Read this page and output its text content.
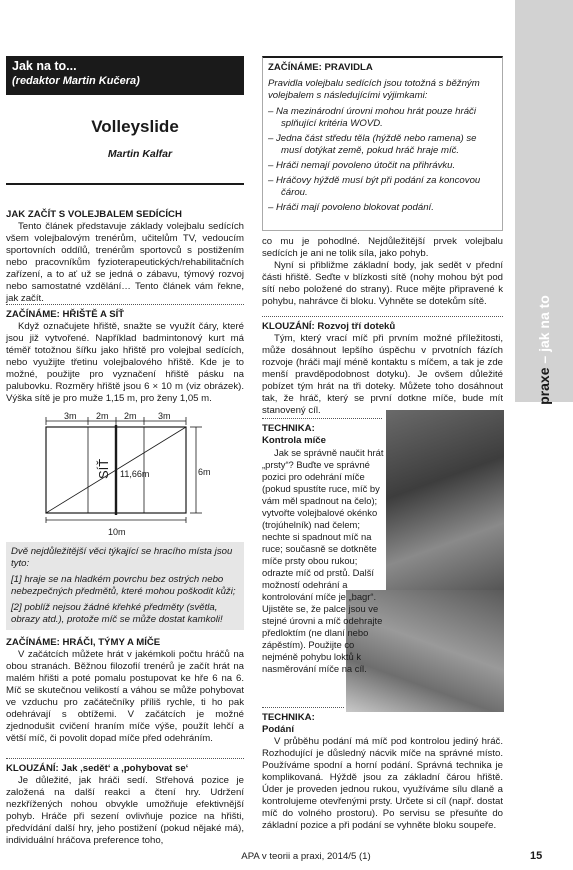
praxe – jak na to
Jak na to...
(redaktor Martin Kučera)
Volleyslide
Martin Kalfar
JAK ZAČÍT S VOLEJBALEM SEDÍCÍCH

Tento článek představuje základy volejbalu sedících všem volejbalovým trenérům, učitelům TV, vedoucím sportovních oddílů, trenérům sportovců s postižením nebo pracovníkům fyzioterapeutických/rehabilitačních zařízení, a to ať už se jedná o zábavu, týmový rozvoj nebo samostatné vzdělání… Tento článek vám řekne, jak začít.

ZAČÍNÁME: HŘIŠTĚ A SÍŤ

Když označujete hřiště, snažte se využít čáry, které jsou již vytvořené. Například badmintonový kurt má téměř totožnou šířku jako hřiště pro volejbal sedících, nebo využijte třetinu volejbalového hřiště. Kde je to možné, použijte pro vyznačení hřiště pásku na palubovku. Rozměry hřiště jsou 6 × 10 m (viz obrázek). Výška sítě je pro muže 1,15 m, pro ženy 1,05 m.

3m 2m 2m 3m
SÍŤ 11,66m	6m
10m

Dvě nejdůležitější věci týkající se hracího místa jsou tyto:

[1] hraje se na hladkém povrchu bez ostrých nebo nebezpečných předmětů, které mohou poškodit kůži;

[2] poblíž nejsou žádné křehké předměty (světla, obrazy atd.), protože míč se může dostat kamkoli!

ZAČÍNÁME: HRÁČI, TÝMY A MÍČE

V začátcích můžete hrát v jakémkoli počtu hráčů na obou stranách. Běžnou filozofií trenérů je začít hrát na malém hřišti a poté pomalu postupovat ke hře 6 na 6. Míč se skutečnou velikostí a váhou se může pohybovat ve vzduchu pro začátečníky příliš rychle, ti ho pak odehrávají s obtížemi. V začátcích je možné zjednodušit cvičení hraním míče výše, použít lehčí a větší míč, či povolit dopad míče před odehráním.

KLOUZÁNÍ: Jak ‚sedět‘ a ‚pohybovat se‘

Je důležité, jak hráči sedí. Střehová pozice je založená na další reakci a čtení hry. Udržení nezkřížených nohou obvykle umožňuje efektivnější pohyb. Hráče při sezení ovlivňuje pozice na hřišti, předvídání další hry, jeho postižení (pokud nějaké má), individuální hráčova preference toho,

ZAČÍNÁME: PRAVIDLA

Pravidla volejbalu sedících jsou totožná s běžným volejbalem s následujícími výjimkami:

– Na mezinárodní úrovni mohou hrát pouze hráči splňující kritéria WOVD.
– Jedna část středu těla (hýždě nebo ramena) se musí dotýkat země, pokud hráč hraje míč.
– Hráči nemají povoleno útočit na přihrávku.
– Hráčovy hýždě musí být při podání za koncovou čárou.
– Hráči mají povoleno blokovat podání.

co mu je pohodlné. Nejdůležitější prvek volejbalu sedících je ani ne tolik síla, jako pohyb.

Nyní si přibližme základní body, jak sedět v přední části hřiště. Seďte v blízkosti sítě (nohy mohou být pod sítí nebo položené do strany). Ruce mějte připravené k pohybu, nahrávce či bloku. Vyhněte se dotekům sítě.

KLOUZÁNÍ: Rozvoj tří doteků

Tým, který vrací míč při prvním možné příležitosti, může dosáhnout lepšího úspěchu v prvotních fázích rozvoje (hráči mají méně kontaktu s míčem, a tak je zde menší pravděpodobnost dotyku). Je ovšem důležité pobízet tým hrát na tři doteky. Můžete toho dosáhnout tak, že hráč, který se první dotkne míče, bude mít stanovený cíl.

TECHNIKA:
Kontrola míče

Jak se správně naučit hrát „prsty“? Buďte ve správné pozici pro odehrání míče (pokud spustíte ruce, míč by vám měl spadnout na čelo); vytvořte volejbalové okénko (trojúhelník) nad čelem; nechte si spadnout míč na ruce; současně se dotkněte míče prsty obou rukou; odrazte míč od prstů. Další možností odehrání a kontrolování míče je „bagr“. Ujistěte se, že palce jsou ve stejné úrovni a míč odehrajte předloktím (ne dlaní nebo zápěstím). Použijte co nejméně pohybu loktů k nasměrování míče na cíl.

TECHNIKA:
Podání

V průběhu podání má míč pod kontrolou jediný hráč. Rozhodující je důsledný nácvik míče na správné místo. Používáme spodní a horní podání. Správná technika je komplikovaná. Hýždě jsou za základní čárou hřiště. Úder je proveden jednou rukou, využíváme sílu dlaně a kontrolujeme otevřenými prsty. Určete si cíl (např. dostat míč do volného prostoru). Po servisu se přesuňte do základní pozice a při podání se vyhněte bloku soupeře.

APA v teorii a praxi, 2014/5 (1)	15
